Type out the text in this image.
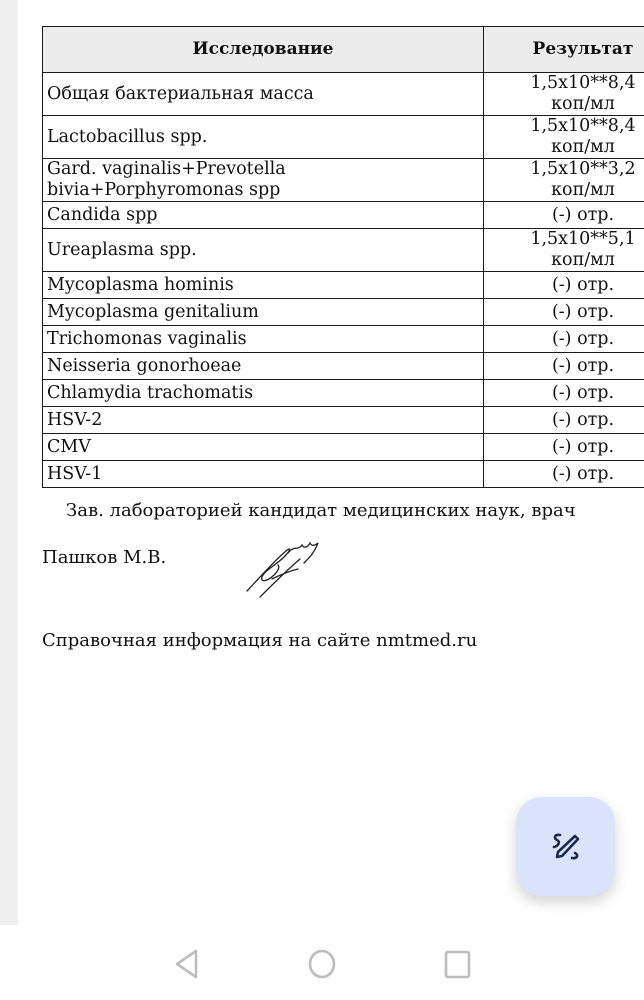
Исследование	Результат
Общая бактериальная масса	1,5x10**8,4
коп/мл
Lactobacillus spp.	1,5x10**8,4
коп/мл
Gard. vaginalis+Prevotella
bivia+Porphyromonas spp	1,5x10**3,2
коп/мл
Candida spp	(-) отр.
Ureaplasma spp.	1,5x10**5,1
коп/мл
Mycoplasma hominis	(-) отр.
Mycoplasma genitalium	(-) отр.
Trichomonas vaginalis	(-) отр.
Neisseria gonorhoeae	(-) отр.
Chlamydia trachomatis	(-) отр.
HSV-2	(-) отр.
CMV	(-) отр.
HSV-1	(-) отр.
Зав. лабораторией кандидат медицинских наук, врач
Пашков М.В.
Справочная информация на сайте nmtmed.ru
